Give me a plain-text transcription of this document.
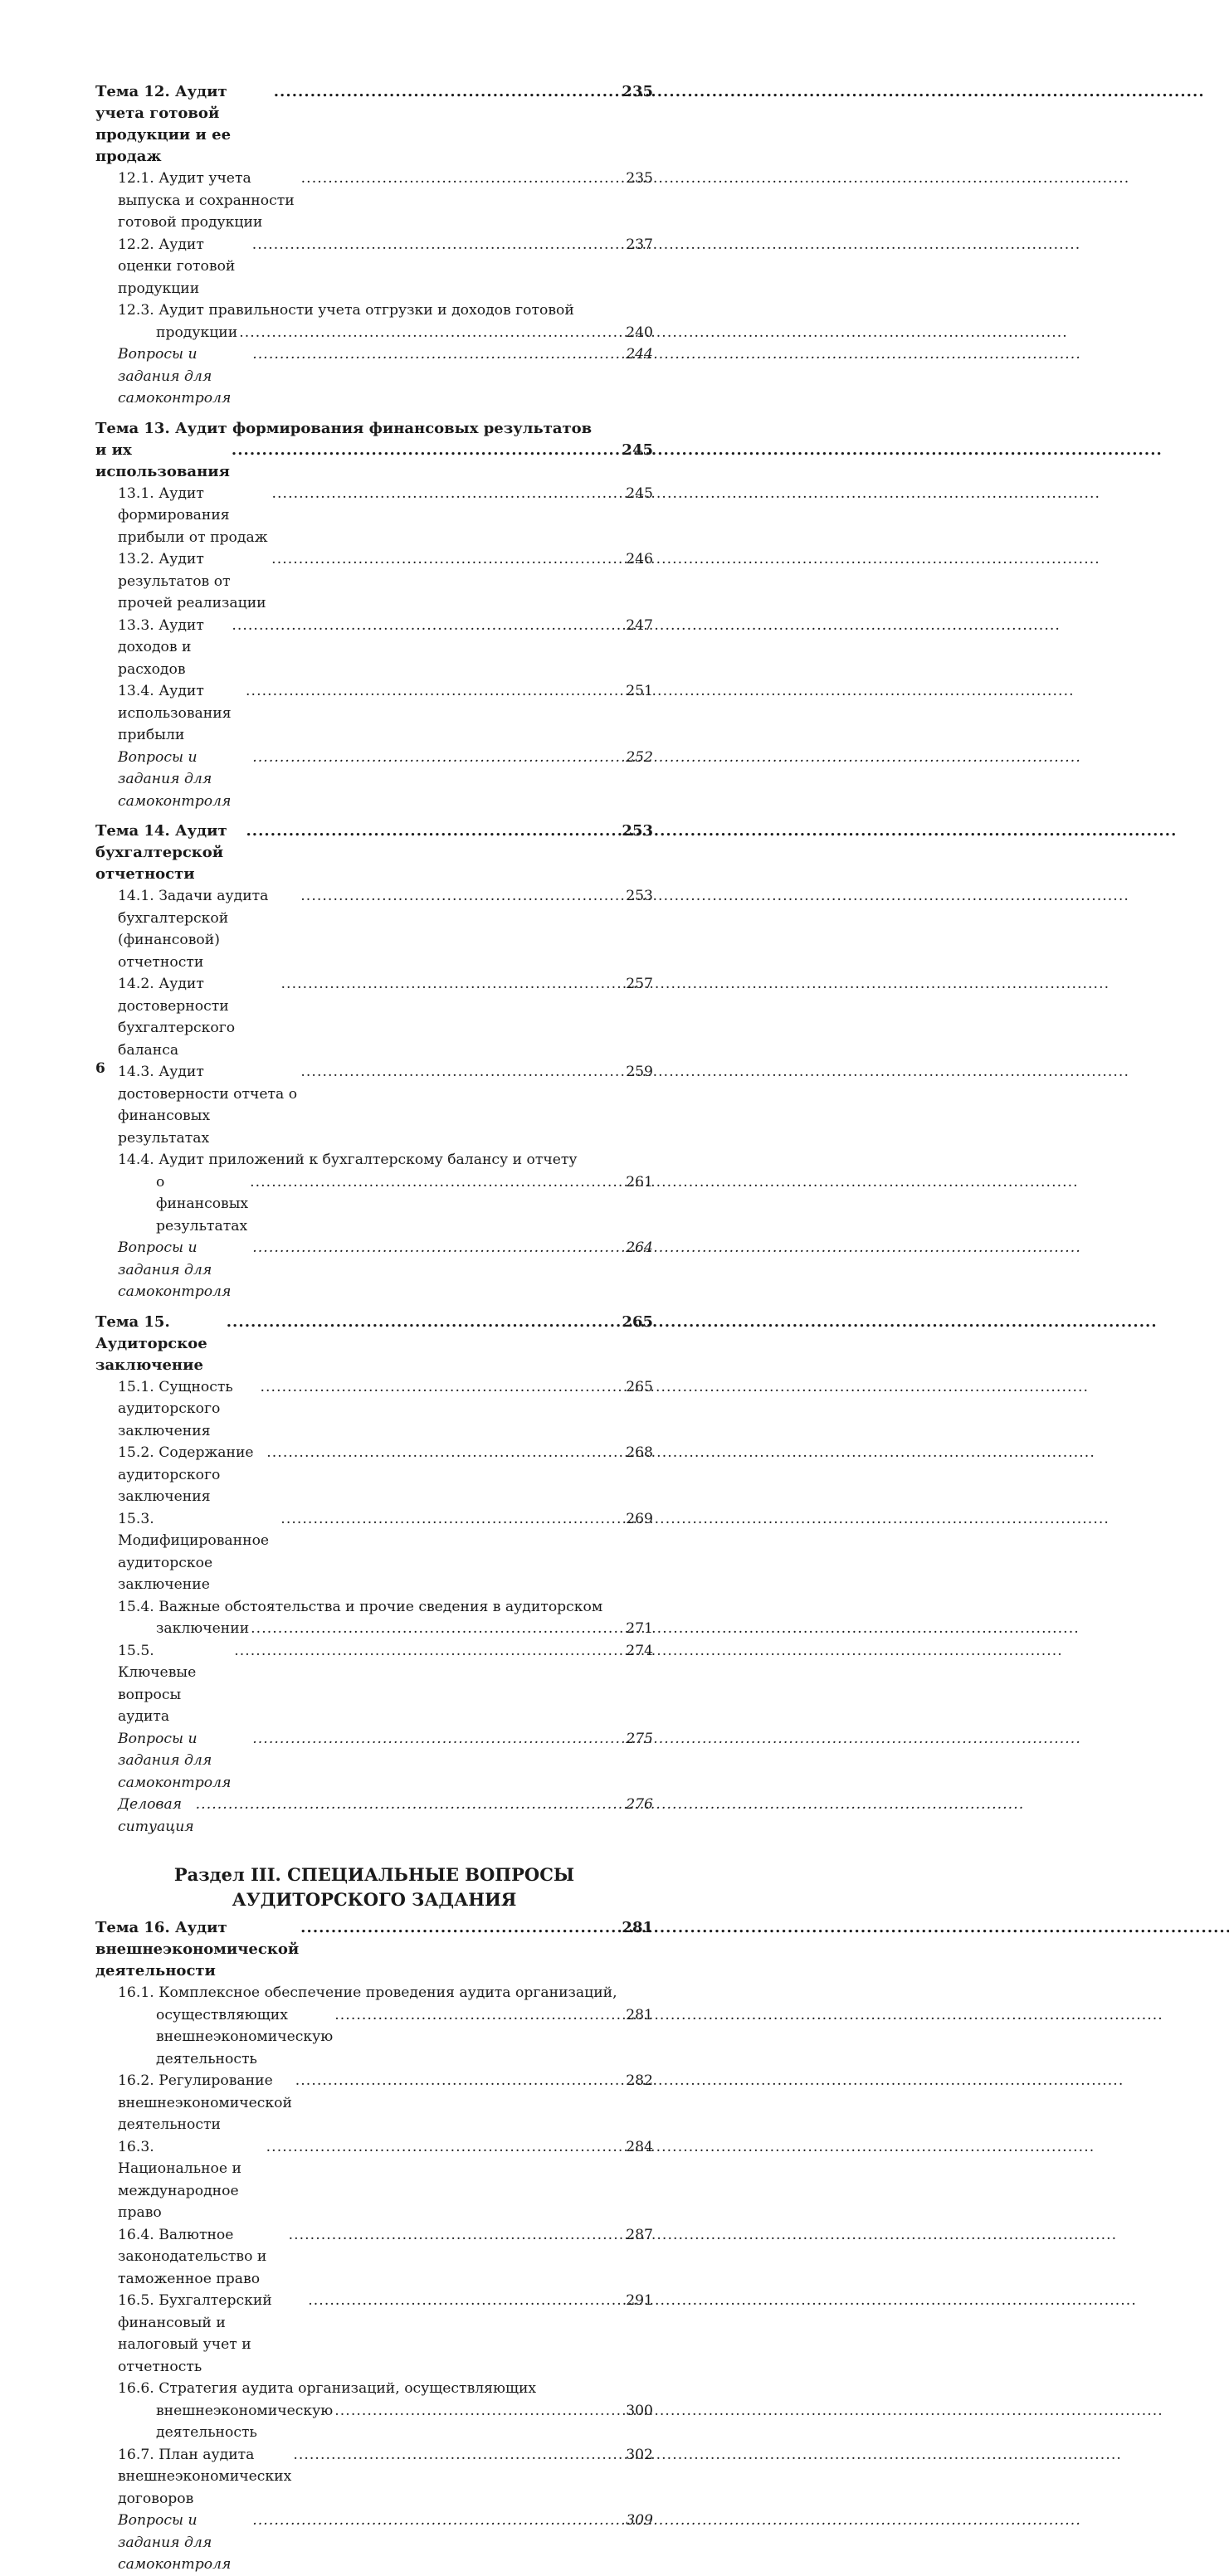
Тема 12. Аудит учета готовой продукции и ее продаж
. . .
235
12.1. Аудит учета выпуска и сохранности готовой продукции
. . .
235
12.2. Аудит оценки готовой продукции
. . .
237
12.3. Аудит правильности учета отгрузки и доходов готовой
продукции . . .	240
Вопросы и задания для самоконтроля
. . .
244
Тема 13. Аудит формирования финансовых результатов
и их использования
. . .
245
13.1. Аудит формирования прибыли от продаж
. . .
245
13.2. Аудит результатов от прочей реализации
. . .
246
13.3. Аудит доходов и расходов
. . .
247
13.4. Аудит использования прибыли
. . .
251
Вопросы и задания для самоконтроля
. . .
252
Тема 14. Аудит бухгалтерской отчетности
. . .
253
14.1. Задачи аудита бухгалтерской (финансовой) отчетности
. . .
253
14.2. Аудит достоверности бухгалтерского баланса
. . .
257
14.3. Аудит достоверности отчета о финансовых результатах
. . .
259
14.4. Аудит приложений к бухгалтерскому балансу и отчету
о финансовых результатах
. . .
261
Вопросы и задания для самоконтроля
. . .
264
Тема 15. Аудиторское заключение
. . .
265
15.1. Сущность аудиторского заключения
. . .
265
15.2. Содержание аудиторского заключения
. . .
268
15.3. Модифицированное аудиторское заключение
. . .
269
15.4. Важные обстоятельства и прочие сведения в аудиторском
заключении . . .	271
15.5. Ключевые вопросы аудита
. . .
274
Вопросы и задания для самоконтроля
. . .
275
Деловая ситуация
. . .
276
Раздел III. СПЕЦИАЛЬНЫЕ ВОПРОСЫ АУДИТОРСКОГО ЗАДАНИЯ
Тема 16. Аудит внешнеэкономической деятельности
. . .
281
16.1. Комплексное обеспечение проведения аудита организаций,
осуществляющих внешнеэкономическую деятельность
. . .
281
16.2. Регулирование внешнеэкономической деятельности
. . .
282
16.3. Национальное и международное право
. . .
284
16.4. Валютное законодательство и таможенное право
. . .
287
16.5. Бухгалтерский финансовый и налоговый учет и отчетность
. . .
291
16.6. Стратегия аудита организаций, осуществляющих
внешнеэкономическую деятельность
. . .
300
16.7. План аудита внешнеэкономических договоров
. . .
302
Вопросы и задания для самоконтроля
. . .
309
6
